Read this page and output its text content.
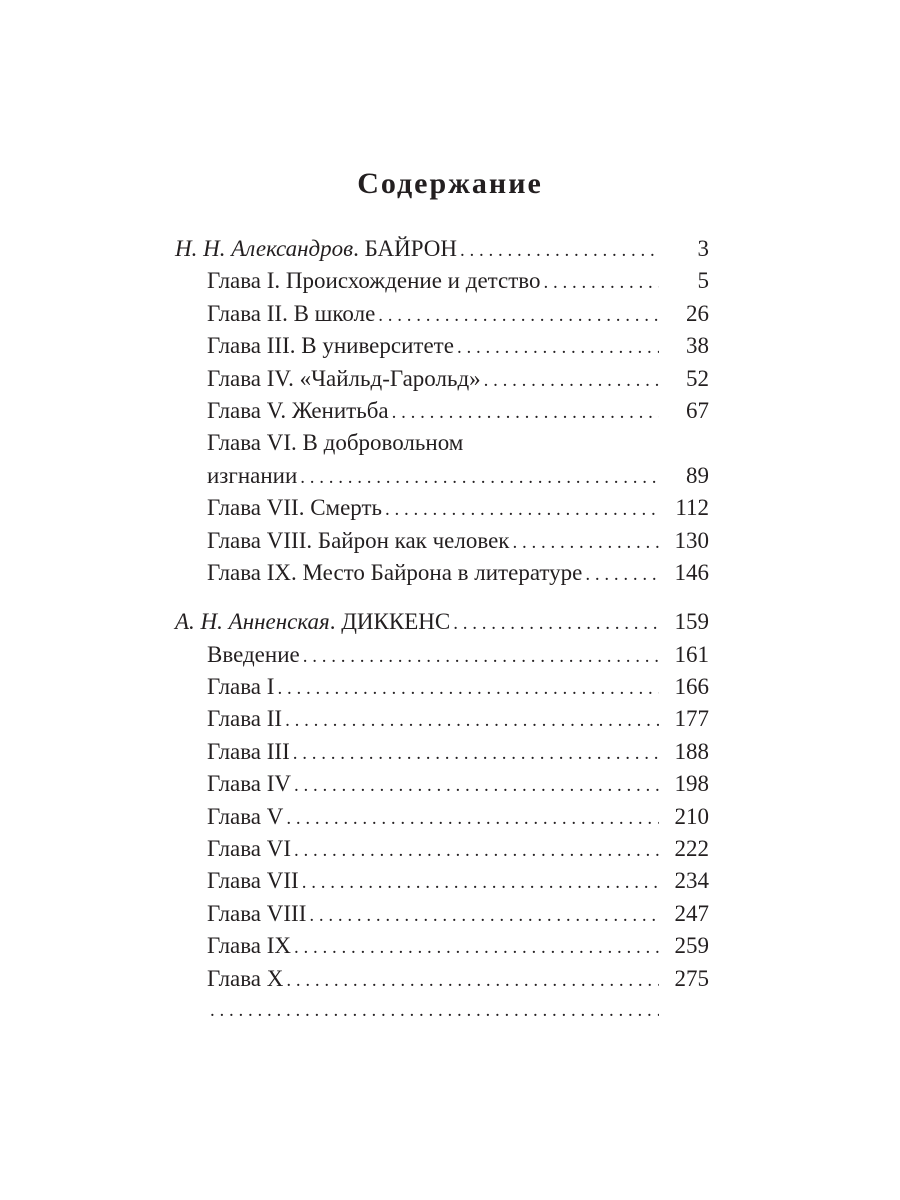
Содержание
Н. Н. Александров. БАЙРОН . . .	3
Глава I. Происхождение и детство . . .	5
Глава II. В школе . . .	26
Глава III. В университете . . .	38
Глава IV. «Чайльд-Гарольд» . . .	52
Глава V. Женитьба . . .	67
Глава VI. В добровольном
изгнании . . .	89
Глава VII. Смерть . . .	112
Глава VIII. Байрон как человек . . .	130
Глава IX. Место Байрона в литературе . . .	146
А. Н. Анненская. ДИККЕНС . . .	159
Введение . . .	161
Глава I . . .	166
Глава II . . .	177
Глава III . . .	188
Глава IV . . .	198
Глава V . . .	210
Глава VI . . .	222
Глава VII . . .	234
Глава VIII . . .	247
Глава IX . . .	259
Глава X . . .	275
. . .
